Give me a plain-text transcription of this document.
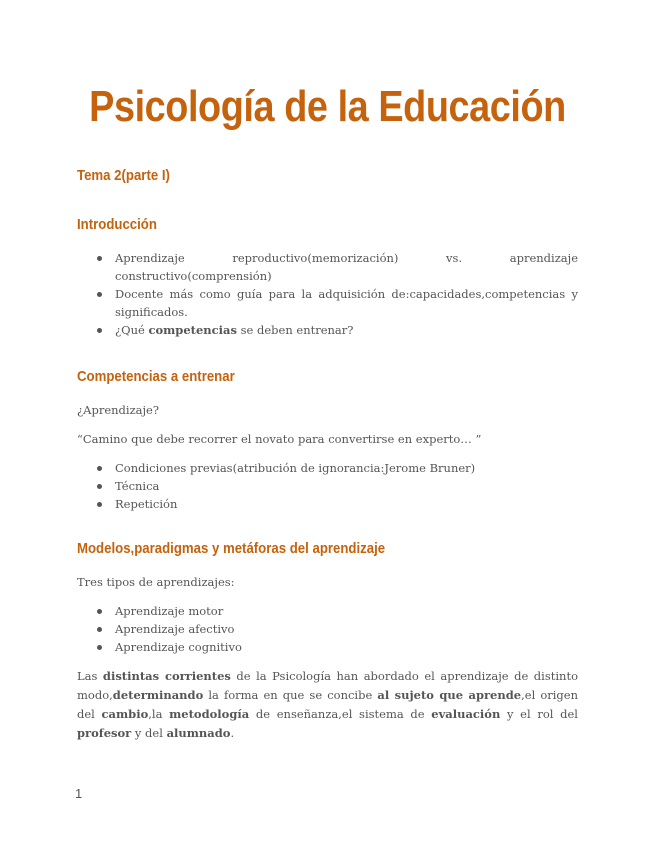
Psicología de la Educación
Tema 2(parte I)
Introducción
Aprendizaje reproductivo(memorización) vs. aprendizaje constructivo(comprensión)
Docente más como guía para la adquisición de:capacidades,competencias y significados.
¿Qué competencias se deben entrenar?
Competencias a entrenar

¿Aprendizaje?

“Camino que debe recorrer el novato para convertirse en experto… ”

Condiciones previas(atribución de ignorancia:Jerome Bruner)
Técnica
Repetición
Modelos,paradigmas y metáforas del aprendizaje

Tres tipos de aprendizajes:

Aprendizaje motor
Aprendizaje afectivo
Aprendizaje cognitivo

Las distintas corrientes de la Psicología han abordado el aprendizaje de distinto modo,determinando la forma en que se concibe al sujeto que aprende,el origen del cambio,la metodología de enseñanza,el sistema de evaluación y el rol del profesor y del alumnado.

1
